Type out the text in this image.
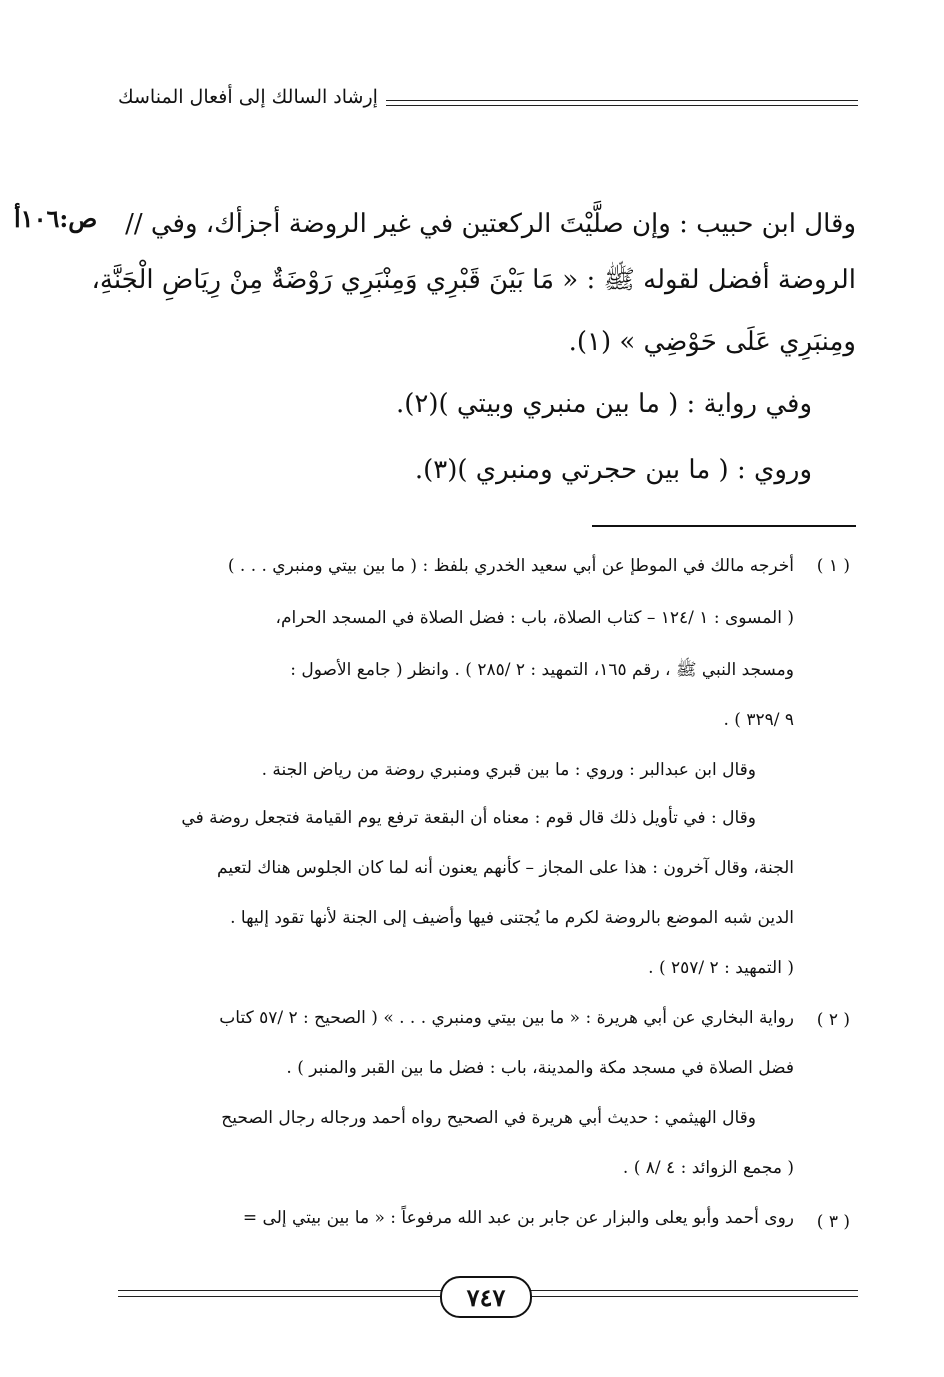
إرشاد السالك إلى أفعال المناسك
ص:١٠٦أ وقال ابن حبيب : وإن صلَّيْتَ الركعتين في غير الروضة أجزأك، وفي //
الروضة أفضل لقوله ﷺ : « مَا بَيْنَ قَبْرِي وَمِنْبَرِي رَوْضَةٌ مِنْ رِيَاضِ الْجَنَّةِ،
ومِنبَرِي عَلَى حَوْضِي » (١).
وفي رواية : ( ما بين منبري وبيتي )(٢).
وروي : ( ما بين حجرتي ومنبري )(٣).
( ١ )
أخرجه مالك في الموطإ عن أبي سعيد الخدري بلفظ : ( ما بين بيتي ومنبري . . . )
( المسوى : ١ /١٢٤ – كتاب الصلاة، باب : فضل الصلاة في المسجد الحرام،
ومسجد النبي ﷺ ، رقم ١٦٥، التمهيد : ٢ /٢٨٥ ) . وانظر ( جامع الأصول :
٩ /٣٢٩ ) .
وقال ابن عبدالبر : وروي : ما بين قبري ومنبري روضة من رياض الجنة .
وقال : في تأويل ذلك قال قوم : معناه أن البقعة ترفع يوم القيامة فتجعل روضة في
الجنة، وقال آخرون : هذا على المجاز – كأنهم يعنون أنه لما كان الجلوس هناك لتعيم
الدين شبه الموضع بالروضة لكرم ما يُجتنى فيها وأضيف إلى الجنة لأنها تقود إليها .
( التمهيد : ٢ /٢٥٧ ) .
( ٢ )
رواية البخاري عن أبي هريرة : « ما بين بيتي ومنبري . . . » ( الصحيح : ٢ /٥٧ كتاب
فضل الصلاة في مسجد مكة والمدينة، باب : فضل ما بين القبر والمنبر ) .
وقال الهيثمي : حديث أبي هريرة في الصحيح رواه أحمد ورجاله رجال الصحيح
( مجمع الزوائد : ٤ /٨ ) .
( ٣ )
روى أحمد وأبو يعلى والبزار عن جابر بن عبد الله مرفوعاً : « ما بين بيتي إلى =
٧٤٧
